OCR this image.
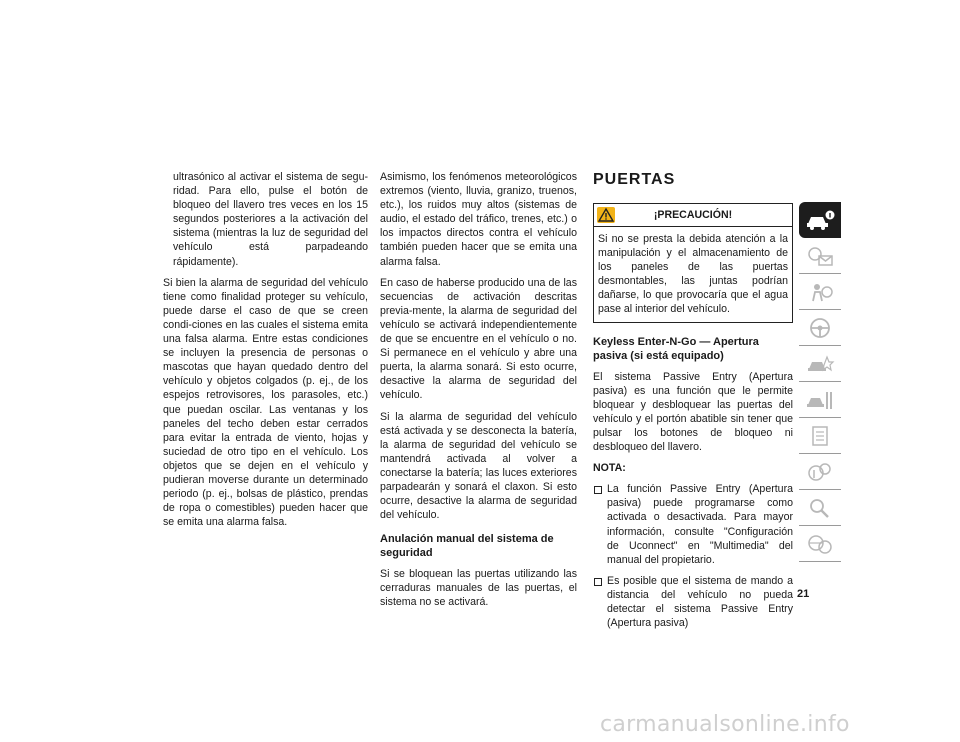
ultrasónico al activar el sistema de segu-ridad. Para ello, pulse el botón de bloqueo del llavero tres veces en los 15 segundos posteriores a la activación del sistema (mientras la luz de seguridad del vehículo está parpadeando rápidamente).

Si bien la alarma de seguridad del vehículo tiene como finalidad proteger su vehículo, puede darse el caso de que se creen condi-ciones en las cuales el sistema emita una falsa alarma. Entre estas condiciones se incluyen la presencia de personas o mascotas que hayan quedado dentro del vehículo y objetos colgados (p. ej., de los espejos retrovisores, los parasoles, etc.) que puedan oscilar. Las ventanas y los paneles del techo deben estar cerrados para evitar la entrada de viento, hojas y suciedad de otro tipo en el vehículo. Los objetos que se dejen en el vehículo y pudieran moverse durante un determinado periodo (p. ej., bolsas de plástico, prendas de ropa o comestibles) pueden hacer que se emita una alarma falsa.

Asimismo, los fenómenos meteorológicos extremos (viento, lluvia, granizo, truenos, etc.), los ruidos muy altos (sistemas de audio, el estado del tráfico, trenes, etc.) o los impactos directos contra el vehículo también pueden hacer que se emita una alarma falsa.

En caso de haberse producido una de las secuencias de activación descritas previa-mente, la alarma de seguridad del vehículo se activará independientemente de que se encuentre en el vehículo o no. Si permanece en el vehículo y abre una puerta, la alarma sonará. Si esto ocurre, desactive la alarma de seguridad del vehículo.

Si la alarma de seguridad del vehículo está activada y se desconecta la batería, la alarma de seguridad del vehículo se mantendrá activada al volver a conectarse la batería; las luces exteriores parpadearán y sonará el claxon. Si esto ocurre, desactive la alarma de seguridad del vehículo.

Anulación manual del sistema de seguridad

Si se bloquean las puertas utilizando las cerraduras manuales de las puertas, el sistema no se activará.

PUERTAS
¡PRECAUCIÓN!
Si no se presta la debida atención a la manipulación y el almacenamiento de los paneles de las puertas desmontables, las juntas podrían dañarse, lo que provocaría que el agua pase al interior del vehículo.
Keyless Enter-N-Go — Apertura pasiva (si está equipado)

El sistema Passive Entry (Apertura pasiva) es una función que le permite bloquear y desbloquear las puertas del vehículo y el portón abatible sin tener que pulsar los botones de bloqueo ni desbloqueo del llavero.

NOTA:
La función Passive Entry (Apertura pasiva) puede programarse como activada o desactivada. Para mayor información, consulte "Configuración de Uconnect" en "Multimedia" del manual del propietario.
Es posible que el sistema de mando a distancia del vehículo no pueda detectar el sistema Passive Entry (Apertura pasiva)
21
carmanualsonline.info
